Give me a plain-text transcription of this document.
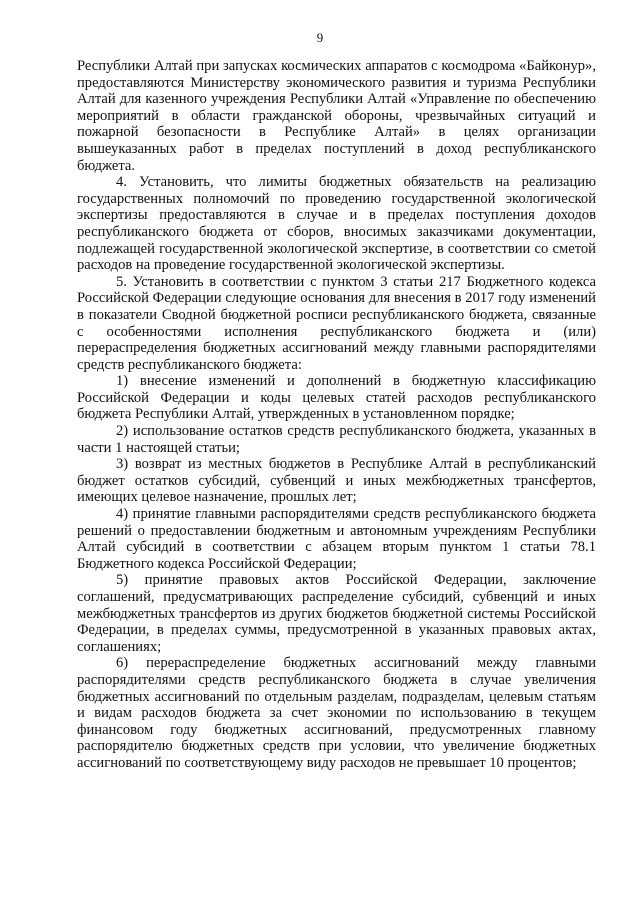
9

Республики Алтай при запусках космических аппаратов с космодрома «Байконур», предоставляются Министерству экономического развития и туризма Республики Алтай для казенного учреждения Республики Алтай «Управление по обеспечению мероприятий в области гражданской обороны, чрезвычайных ситуаций и пожарной безопасности в Республике Алтай» в целях организации вышеуказанных работ в пределах поступлений в доход республиканского бюджета.

4. Установить, что лимиты бюджетных обязательств на реализацию государственных полномочий по проведению государственной экологической экспертизы предоставляются в случае и в пределах поступления доходов республиканского бюджета от сборов, вносимых заказчиками документации, подлежащей государственной экологической экспертизе, в соответствии со сметой расходов на проведение государственной экологической экспертизы.

5. Установить в соответствии с пунктом 3 статьи 217 Бюджетного кодекса Российской Федерации следующие основания для внесения в 2017 году изменений в показатели Сводной бюджетной росписи республиканского бюджета, связанные с особенностями исполнения республиканского бюджета и (или) перераспределения бюджетных ассигнований между главными распорядителями средств республиканского бюджета:

1) внесение изменений и дополнений в бюджетную классификацию Российской Федерации и коды целевых статей расходов республиканского бюджета Республики Алтай, утвержденных в установленном порядке;

2) использование остатков средств республиканского бюджета, указанных в части 1 настоящей статьи;

3) возврат из местных бюджетов в Республике Алтай в республиканский бюджет остатков субсидий, субвенций и иных межбюджетных трансфертов, имеющих целевое назначение, прошлых лет;

4) принятие главными распорядителями средств республиканского бюджета решений о предоставлении бюджетным и автономным учреждениям Республики Алтай субсидий в соответствии с абзацем вторым пунктом 1 статьи 78.1 Бюджетного кодекса Российской Федерации;

5) принятие правовых актов Российской Федерации, заключение соглашений, предусматривающих распределение субсидий, субвенций и иных межбюджетных трансфертов из других бюджетов бюджетной системы Российской Федерации, в пределах суммы, предусмотренной в указанных правовых актах, соглашениях;

6) перераспределение бюджетных ассигнований между главными распорядителями средств республиканского бюджета в случае увеличения бюджетных ассигнований по отдельным разделам, подразделам, целевым статьям и видам расходов бюджета за счет экономии по использованию в текущем финансовом году бюджетных ассигнований, предусмотренных главному распорядителю бюджетных средств при условии, что увеличение бюджетных ассигнований по соответствующему виду расходов не превышает 10 процентов;
